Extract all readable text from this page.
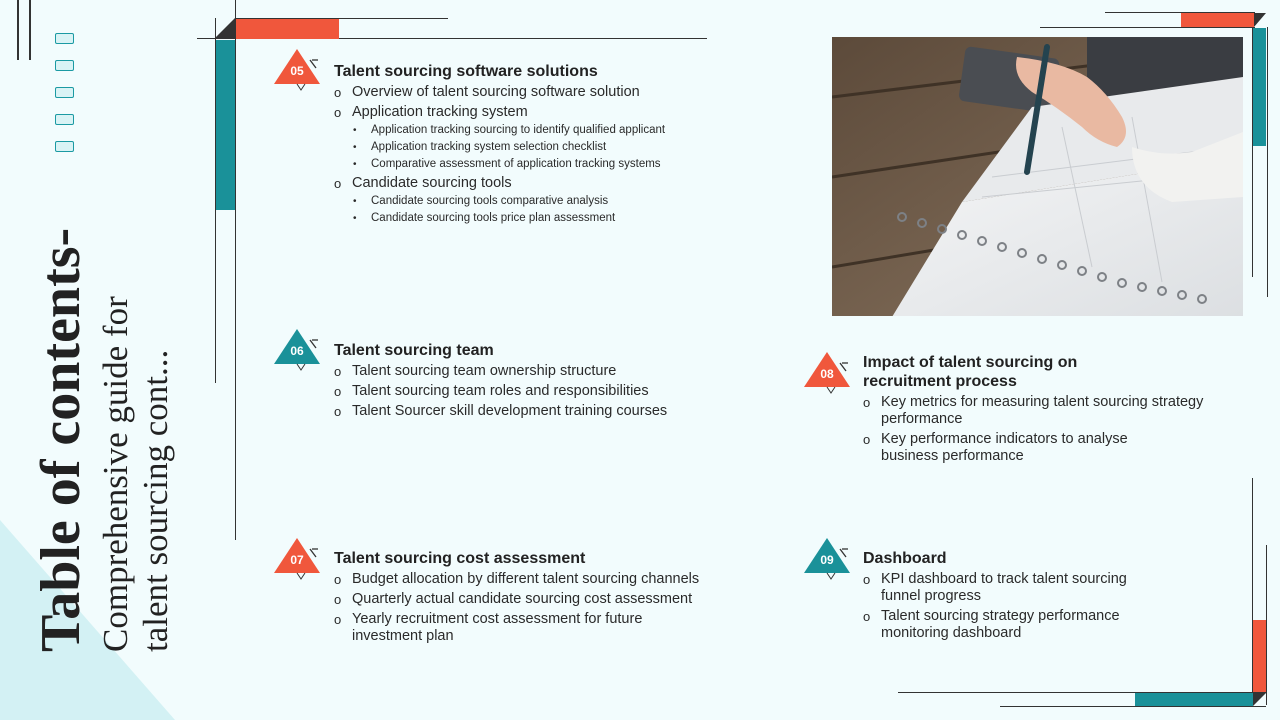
Table of contents- Comprehensive guide for talent sourcing cont...

05	Talent sourcing software solutions
o Overview of talent sourcing software solution
o Application tracking system
• Application tracking sourcing to identify qualified applicant
• Application tracking system selection checklist
• Comparative assessment of application tracking systems
o Candidate sourcing tools
• Candidate sourcing tools comparative analysis
• Candidate sourcing tools price plan assessment
06	Talent sourcing team
o Talent sourcing team ownership structure
o Talent sourcing team roles and responsibilities
o Talent Sourcer skill development training courses
07	Talent sourcing cost assessment
o Budget allocation by different talent sourcing channels
o Quarterly actual candidate sourcing cost assessment
o Yearly recruitment cost assessment for future investment plan
08
Impact of talent sourcing on recruitment process
o Key metrics for measuring talent sourcing strategy performance
o Key performance indicators to analyse business performance
09	Dashboard
o KPI dashboard to track talent sourcing funnel progress
o Talent sourcing strategy performance monitoring dashboard
